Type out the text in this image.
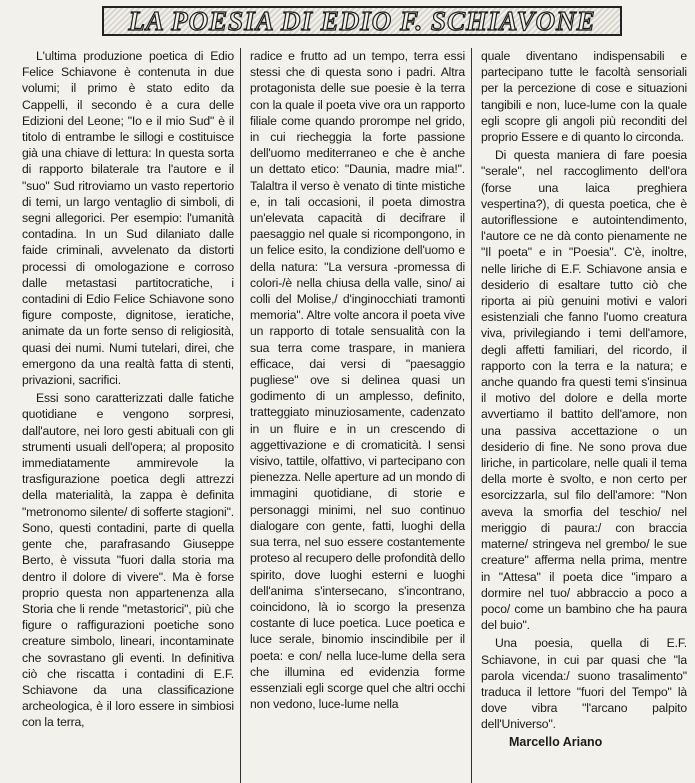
LA POESIA DI EDIO F. SCHIAVONE

L'ultima produzione poetica di Edio Felice Schiavone è contenuta in due volumi; il primo è stato edito da Cappelli, il secondo è a cura delle Edizioni del Leone; "Io e il mio Sud" è il titolo di entrambe le sillogi e costituisce già una chiave di lettura: In questa sorta di rapporto bilaterale tra l'autore e il "suo" Sud ritroviamo un vasto repertorio di temi, un largo ventaglio di simboli, di segni allegorici. Per esempio: l'umanità contadina. In un Sud dilaniato dalle faide criminali, avvelenato da distorti processi di omologazione e corroso dalle metastasi partitocratiche, i contadini di Edio Felice Schiavone sono figure composte, dignitose, ieratiche, animate da un forte senso di religiosità, quasi dei numi. Numi tutelari, direi, che emergono da una realtà fatta di stenti, privazioni, sacrifici.

Essi sono caratterizzati dalle fatiche quotidiane e vengono sorpresi, dall'autore, nei loro gesti abituali con gli strumenti usuali dell'opera; al proposito immediatamente ammirevole la trasfigurazione poetica degli attrezzi della materialità, la zappa è definita "metronomo silente/ di sofferte stagioni". Sono, questi contadini, parte di quella gente che, parafrasando Giuseppe Berto, è vissuta "fuori dalla storia ma dentro il dolore di vivere". Ma è forse proprio questa non appartenenza alla Storia che li rende "metastorici", più che figure o raffigurazioni poetiche sono creature simbolo, lineari, incontaminate che sovrastano gli eventi. In definitiva ciò che riscatta i contadini di E.F. Schiavone da una classificazione archeologica, è il loro essere in simbiosi con la terra,

radice e frutto ad un tempo, terra essi stessi che di questa sono i padri. Altra protagonista delle sue poesie è la terra con la quale il poeta vive ora un rapporto filiale come quando prorompe nel grido, in cui riecheggia la forte passione dell'uomo mediterraneo e che è anche un dettato etico: "Daunia, madre mia!". Talaltra il verso è venato di tinte mistiche e, in tali occasioni, il poeta dimostra un'elevata capacità di decifrare il paesaggio nel quale si ricompongono, in un felice esito, la condizione dell'uomo e della natura: "La versura -promessa di colori-/è nella chiusa della valle, sino/ ai colli del Molise,/ d'inginocchiati tramonti memoria". Altre volte ancora il poeta vive un rapporto di totale sensualità con la sua terra come traspare, in maniera efficace, dai versi di "paesaggio pugliese" ove si delinea quasi un godimento di un amplesso, definito, tratteggiato minuziosamente, cadenzato in un fluire e in un crescendo di aggettivazione e di cromaticità. I sensi visivo, tattile, olfattivo, vi partecipano con pienezza. Nelle aperture ad un mondo di immagini quotidiane, di storie e personaggi minimi, nel suo continuo dialogare con gente, fatti, luoghi della sua terra, nel suo essere costantemente proteso al recupero delle profondità dello spirito, dove luoghi esterni e luoghi dell'anima s'intersecano, s'incontrano, coincidono, là io scorgo la presenza costante di luce poetica. Luce poetica e luce serale, binomio inscindibile per il poeta: e con/ nella luce-lume della sera che illumina ed evidenzia forme essenziali egli scorge quel che altri occhi non vedono, luce-lume nella

quale diventano indispensabili e partecipano tutte le facoltà sensoriali per la percezione di cose e situazioni tangibili e non, luce-lume con la quale egli scopre gli angoli più reconditi del proprio Essere e di quanto lo circonda.

Di questa maniera di fare poesia "serale", nel raccoglimento dell'ora (forse una laica preghiera vespertina?), di questa poetica, che è autoriflessione e autointendimento, l'autore ce ne dà conto pienamente ne "Il poeta" e in "Poesia". C'è, inoltre, nelle liriche di E.F. Schiavone ansia e desiderio di esaltare tutto ciò che riporta ai più genuini motivi e valori esistenziali che fanno l'uomo creatura viva, privilegiando i temi dell'amore, degli affetti familiari, del ricordo, il rapporto con la terra e la natura; e anche quando fra questi temi s'insinua il motivo del dolore e della morte avvertiamo il battito dell'amore, non una passiva accettazione o un desiderio di fine. Ne sono prova due liriche, in particolare, nelle quali il tema della morte è svolto, e non certo per esorcizzarla, sul filo dell'amore: "Non aveva la smorfia del teschio/ nel meriggio di paura:/ con braccia materne/ stringeva nel grembo/ le sue creature" afferma nella prima, mentre in "Attesa" il poeta dice "imparo a dormire nel tuo/ abbraccio a poco a poco/ come un bambino che ha paura del buio".

Una poesia, quella di E.F. Schiavone, in cui par quasi che "la parola vicenda:/ suono trasalimento" traduca il lettore "fuori del Tempo" là dove vibra "l'arcano palpito dell'Universo".

Marcello Ariano
